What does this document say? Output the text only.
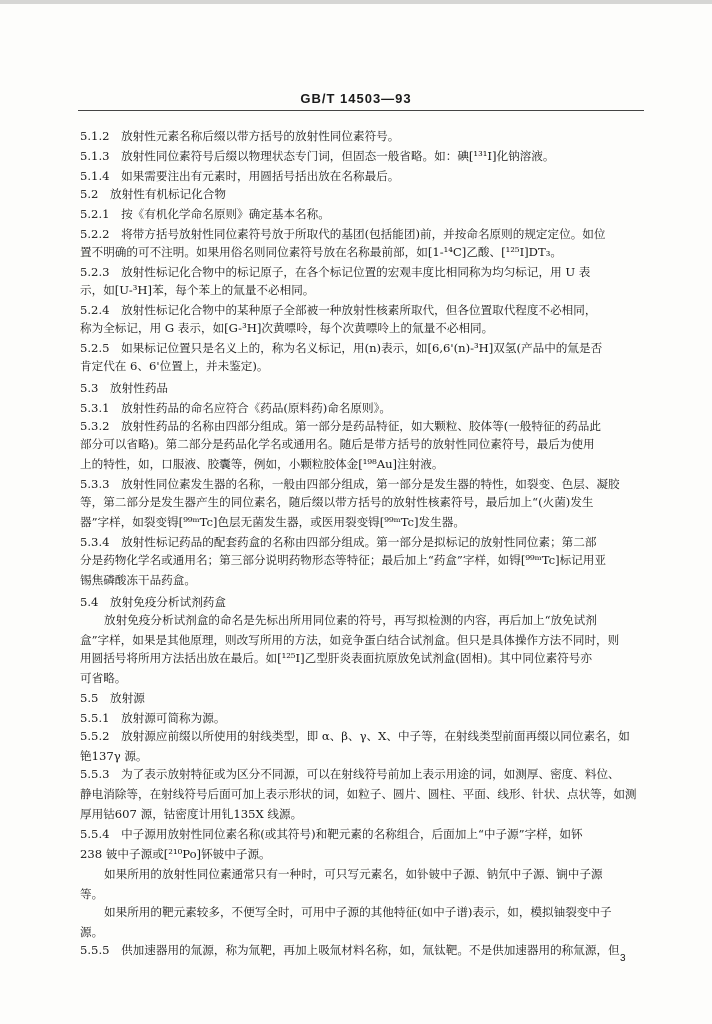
GB/T 14503—93
5.1.2　放射性元素名称后缀以带方括号的放射性同位素符号。
5.1.3　放射性同位素符号后缀以物理状态专门词，但固态一般省略。如：碘[¹³¹I]化钠溶液。
5.1.4　如果需要注出有元素时，用圆括号括出放在名称最后。
5.2　放射性有机标记化合物
5.2.1　按《有机化学命名原则》确定基本名称。
5.2.2　将带方括号放射性同位素符号放于所取代的基团(包括能团)前，并按命名原则的规定定位。如位
置不明确的可不注明。如果用俗名则同位素符号放在名称最前部，如[1-¹⁴C]乙酸、[¹²⁵I]DT₃。
5.2.3　放射性标记化合物中的标记原子，在各个标记位置的宏观丰度比相同称为均匀标记，用 U 表
示，如[U-³H]苯，每个苯上的氚量不必相同。
5.2.4　放射性标记化合物中的某种原子全部被一种放射性核素所取代，但各位置取代程度不必相同，
称为全标记，用 G 表示，如[G-³H]次黄嘌呤，每个次黄嘌呤上的氚量不必相同。
5.2.5　如果标记位置只是名义上的，称为名义标记，用(n)表示，如[6,6'(n)-³H]双氢(产品中的氚是否
肯定代在 6、6'位置上，并未鉴定)。
5.3　放射性药品
5.3.1　放射性药品的命名应符合《药品(原料药)命名原则》。
5.3.2　放射性药品的名称由四部分组成。第一部分是药品特征，如大颗粒、胶体等(一般特征的药品此
部分可以省略)。第二部分是药品化学名或通用名。随后是带方括号的放射性同位素符号，最后为使用
上的特性，如，口服液、胶囊等，例如，小颗粒胶体金[¹⁹⁸Au]注射液。
5.3.3　放射性同位素发生器的名称，一般由四部分组成，第一部分是发生器的特性，如裂变、色层、凝胶
等，第二部分是发生器产生的同位素名，随后缀以带方括号的放射性核素符号，最后加上“(火菌)发生
器”字样，如裂变锝[⁹⁹ᵐTc]色层无菌发生器，或医用裂变锝[⁹⁹ᵐTc]发生器。
5.3.4　放射性标记药品的配套药盒的名称由四部分组成。第一部分是拟标记的放射性同位素；第二部
分是药物化学名或通用名；第三部分说明药物形态等特征；最后加上“药盒”字样，如锝[⁹⁹ᵐTc]标记用亚
锡焦磷酸冻干品药盒。
5.4　放射免疫分析试剂药盒
放射免疫分析试剂盒的命名是先标出所用同位素的符号，再写拟检测的内容，再后加上“放免试剂
盒”字样，如果是其他原理，则改写所用的方法，如竞争蛋白结合试剂盒。但只是具体操作方法不同时，则
用圆括号将所用方法括出放在最后。如[¹²⁵I]乙型肝炎表面抗原放免试剂盒(固相)。其中同位素符号亦
可省略。
5.5　放射源
5.5.1　放射源可简称为源。
5.5.2　放射源应前缀以所使用的射线类型，即 α、β、γ、X、中子等，在射线类型前面再缀以同位素名，如
铯137γ 源。
5.5.3　为了表示放射特征或为区分不同源，可以在射线符号前加上表示用途的词，如测厚、密度、料位、
静电消除等，在射线符号后面可加上表示形状的词，如粒子、圆片、圆柱、平面、线形、针状、点状等，如测
厚用钴607 源，钴密度计用钆135X 线源。
5.5.4　中子源用放射性同位素名称(或其符号)和靶元素的名称组合，后面加上“中子源”字样，如钚
238 铍中子源或[²¹⁰Po]钚铍中子源。
如果所用的放射性同位素通常只有一种时，可只写元素名，如钋铍中子源、钠氘中子源、锎中子源
等。
如果所用的靶元素较多，不便写全时，可用中子源的其他特征(如中子谱)表示，如，模拟铀裂变中子
源。
5.5.5　供加速器用的氚源，称为氚靶，再加上吸氚材料名称，如，氚钛靶。不是供加速器用的称氚源，但
3
